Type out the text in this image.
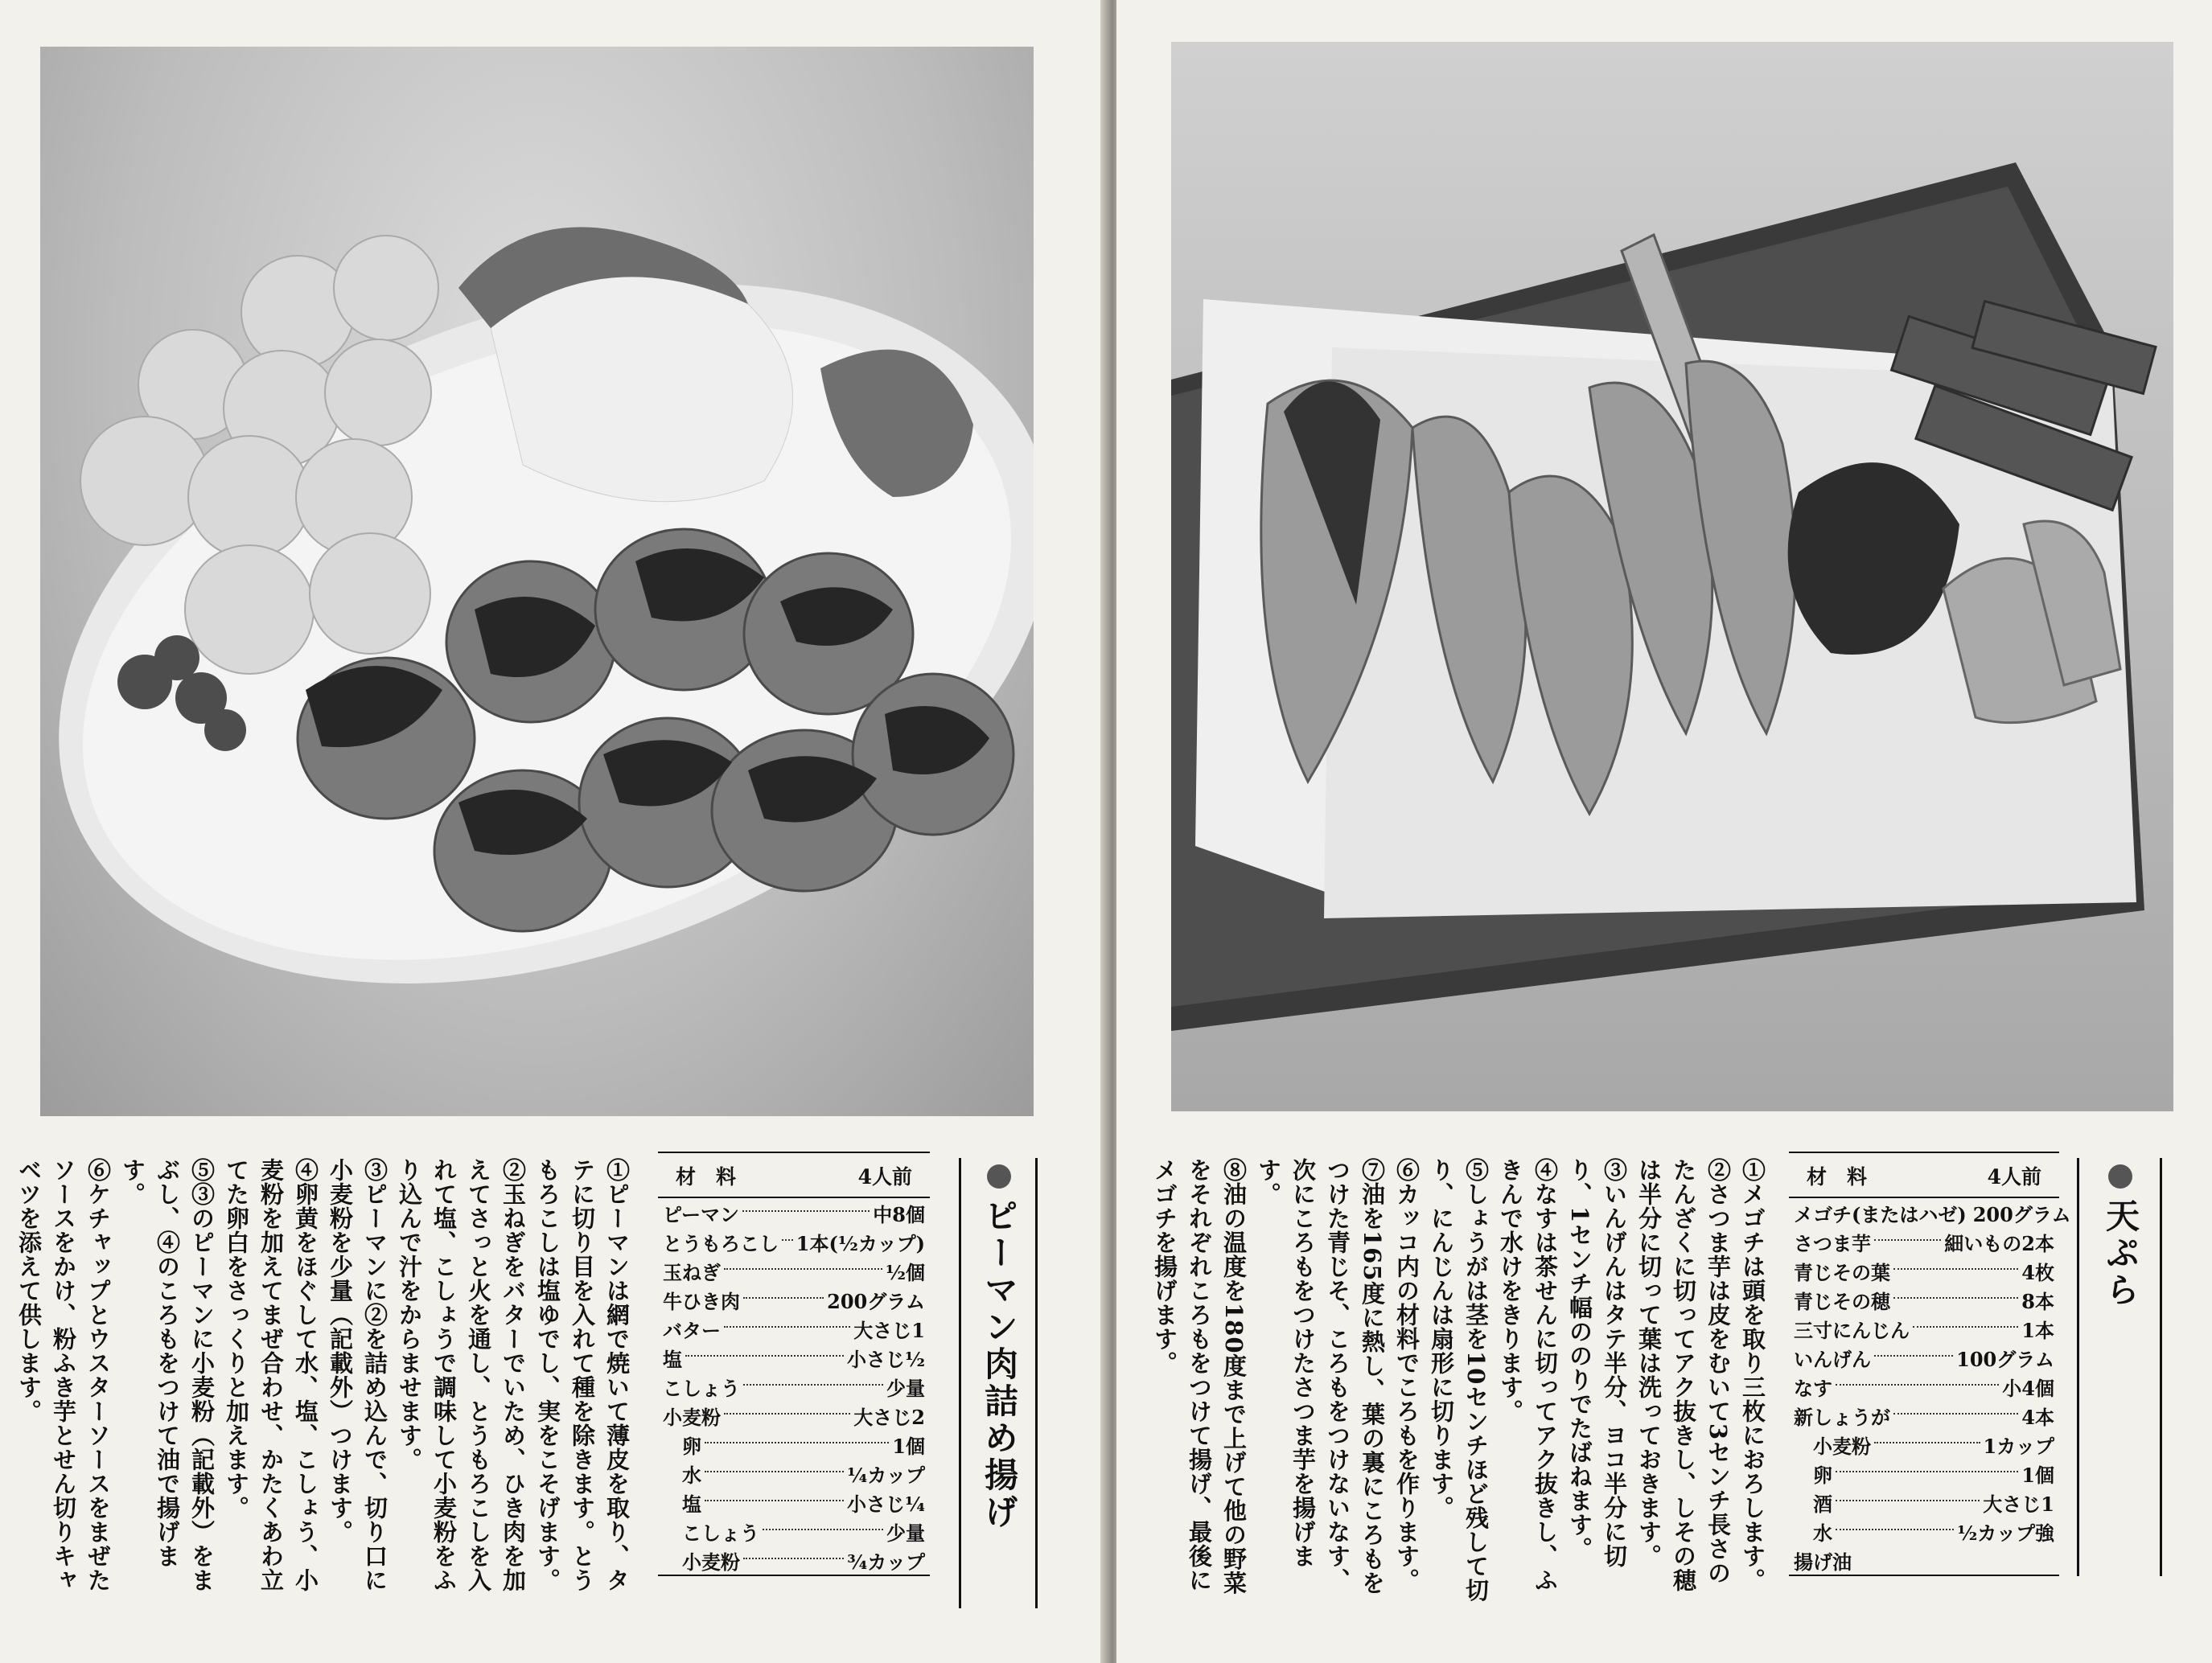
ピーマン肉詰め揚げ
材　料	4人前
ピーマン	中8個
とうもろこし 1本(½カップ)
玉ねぎ	½個
牛ひき肉	200グラム
バター	大さじ1
塩	小さじ½
こしょう	少量
小麦粉	大さじ2
卵	1個
水	¼カップ
塩	小さじ¼
こしょう	少量
小麦粉	¾カップ

①ピーマンは網で焼いて薄皮を取り、タテに切り目を入れて種を除きます。とうもろこしは塩ゆでし、実をこそげます。

②玉ねぎをバターでいため、ひき肉を加えてさっと火を通し、とうもろこしを入れて塩、こしょうで調味して小麦粉をふり込んで汁をからませます。

③ピーマンに②を詰め込んで、切り口に小麦粉を少量（記載外）つけます。

④卵黄をほぐして水、塩、こしょう、小麦粉を加えてまぜ合わせ、かたくあわ立てた卵白をさっくりと加えます。

⑤③のピーマンに小麦粉（記載外）をまぶし、④のころもをつけて油で揚げます。

⑥ケチャップとウスターソースをまぜたソースをかけ、粉ふき芋とせん切りキャベツを添えて供します。	天ぷら
材　料	4人前
メゴチ(またはハゼ) 200グラム
さつま芋	細いもの2本
青じその葉	4枚
青じその穂	8本
三寸にんじん	1本
いんげん	100グラム
なす	小4個
新しょうが	4本
小麦粉	1カップ
卵	1個
酒	大さじ1
水	½カップ強
揚げ油

①メゴチは頭を取り三枚におろします。

②さつま芋は皮をむいて3センチ長さのたんざくに切ってアク抜きし、しその穂は半分に切って葉は洗っておきます。

③いんげんはタテ半分、ヨコ半分に切り、1センチ幅ののりでたばねます。

④なすは茶せんに切ってアク抜きし、ふきんで水けをきります。

⑤しょうがは茎を10センチほど残して切り、にんじんは扇形に切ります。

⑥カッコ内の材料でころもを作ります。

⑦油を165度に熱し、葉の裏にころもをつけた青じそ、ころもをつけないなす、次にころもをつけたさつま芋を揚げます。

⑧油の温度を180度まで上げて他の野菜をそれぞれころもをつけて揚げ、最後にメゴチを揚げます。
